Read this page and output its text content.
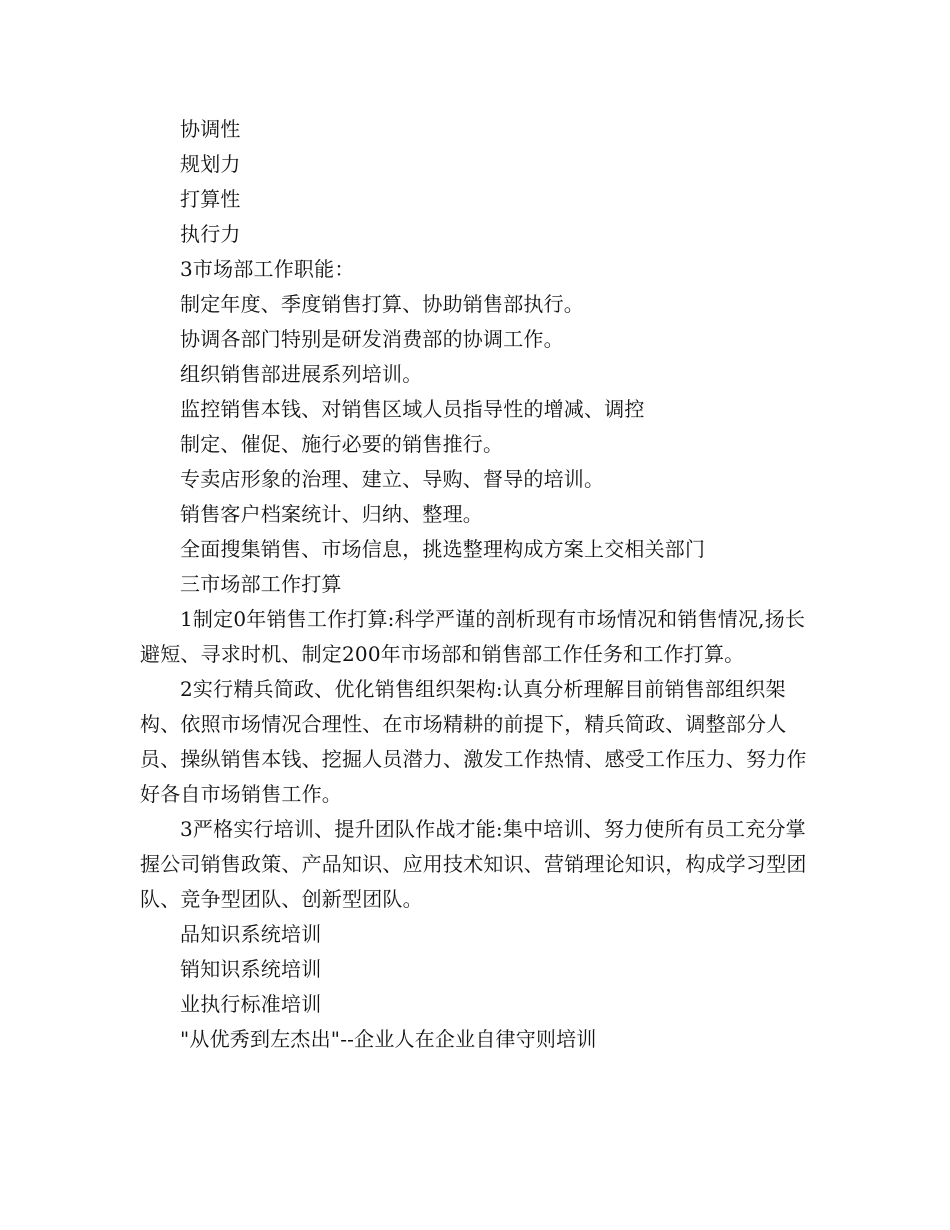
协调性

规划力

打算性

执行力

3市场部工作职能：

制定年度、季度销售打算、协助销售部执行。

协调各部门特别是研发消费部的协调工作。

组织销售部进展系列培训。

监控销售本钱、对销售区域人员指导性的增减、调控

制定、催促、施行必要的销售推行。

专卖店形象的治理、建立、导购、督导的培训。

销售客户档案统计、归纳、整理。

全面搜集销售、市场信息，挑选整理构成方案上交相关部门

三市场部工作打算

1制定0年销售工作打算:科学严谨的剖析现有市场情况和销售情况,扬长避短、寻求时机、制定200年市场部和销售部工作任务和工作打算。

2实行精兵简政、优化销售组织架构:认真分析理解目前销售部组织架构、依照市场情况合理性、在市场精耕的前提下，精兵简政、调整部分人员、操纵销售本钱、挖掘人员潜力、激发工作热情、感受工作压力、努力作好各自市场销售工作。

3严格实行培训、提升团队作战才能:集中培训、努力使所有员工充分掌握公司销售政策、产品知识、应用技术知识、营销理论知识，构成学习型团队、竞争型团队、创新型团队。

品知识系统培训

销知识系统培训

业执行标准培训

"从优秀到左杰出"--企业人在企业自律守则培训
